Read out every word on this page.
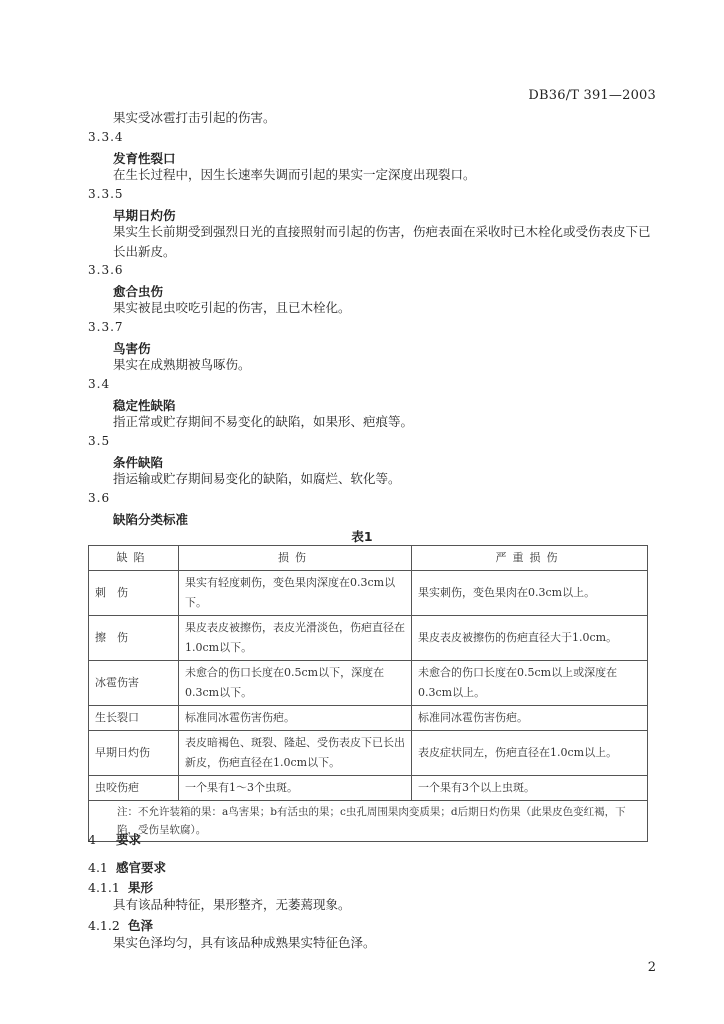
DB36/T 391—2003
果实受冰雹打击引起的伤害。
3.3.4
发育性裂口
在生长过程中，因生长速率失调而引起的果实一定深度出现裂口。
3.3.5
早期日灼伤
果实生长前期受到强烈日光的直接照射而引起的伤害，伤疤表面在采收时已木栓化或受伤表皮下已长出新皮。
3.3.6
愈合虫伤
果实被昆虫咬吃引起的伤害，且已木栓化。
3.3.7
鸟害伤
果实在成熟期被鸟啄伤。
3.4
稳定性缺陷
指正常或贮存期间不易变化的缺陷，如果形、疤痕等。
3.5
条件缺陷
指运输或贮存期间易变化的缺陷，如腐烂、软化等。
3.6
缺陷分类标准
表1
缺陷	损伤	严重损伤
刺　伤	果实有轻度刺伤，变色果肉深度在0.3cm以下。	果实刺伤，变色果肉在0.3cm以上。
擦　伤	果皮表皮被擦伤，表皮光滑淡色，伤疤直径在1.0cm以下。	果皮表皮被擦伤的伤疤直径大于1.0cm。
冰雹伤害	未愈合的伤口长度在0.5cm以下，深度在0.3cm以下。	未愈合的伤口长度在0.5cm以上或深度在0.3cm以上。
生长裂口	标准同冰雹伤害伤疤。	标准同冰雹伤害伤疤。
早期日灼伤	表皮暗褐色、斑裂、隆起、受伤表皮下已长出新皮，伤疤直径在1.0cm以下。	表皮症状同左，伤疤直径在1.0cm以上。
虫咬伤疤	一个果有1～3个虫斑。	一个果有3个以上虫斑。
注：不允许装箱的果：a鸟害果；b有活虫的果；c虫孔周围果肉变质果；d后期日灼伤果（此果皮色变红褐，下陷，受伤呈软腐）。		
4 要求
4.1 感官要求
4.1.1 果形
具有该品种特征，果形整齐，无萎蔫现象。
4.1.2 色泽
果实色泽均匀，具有该品种成熟果实特征色泽。
2
